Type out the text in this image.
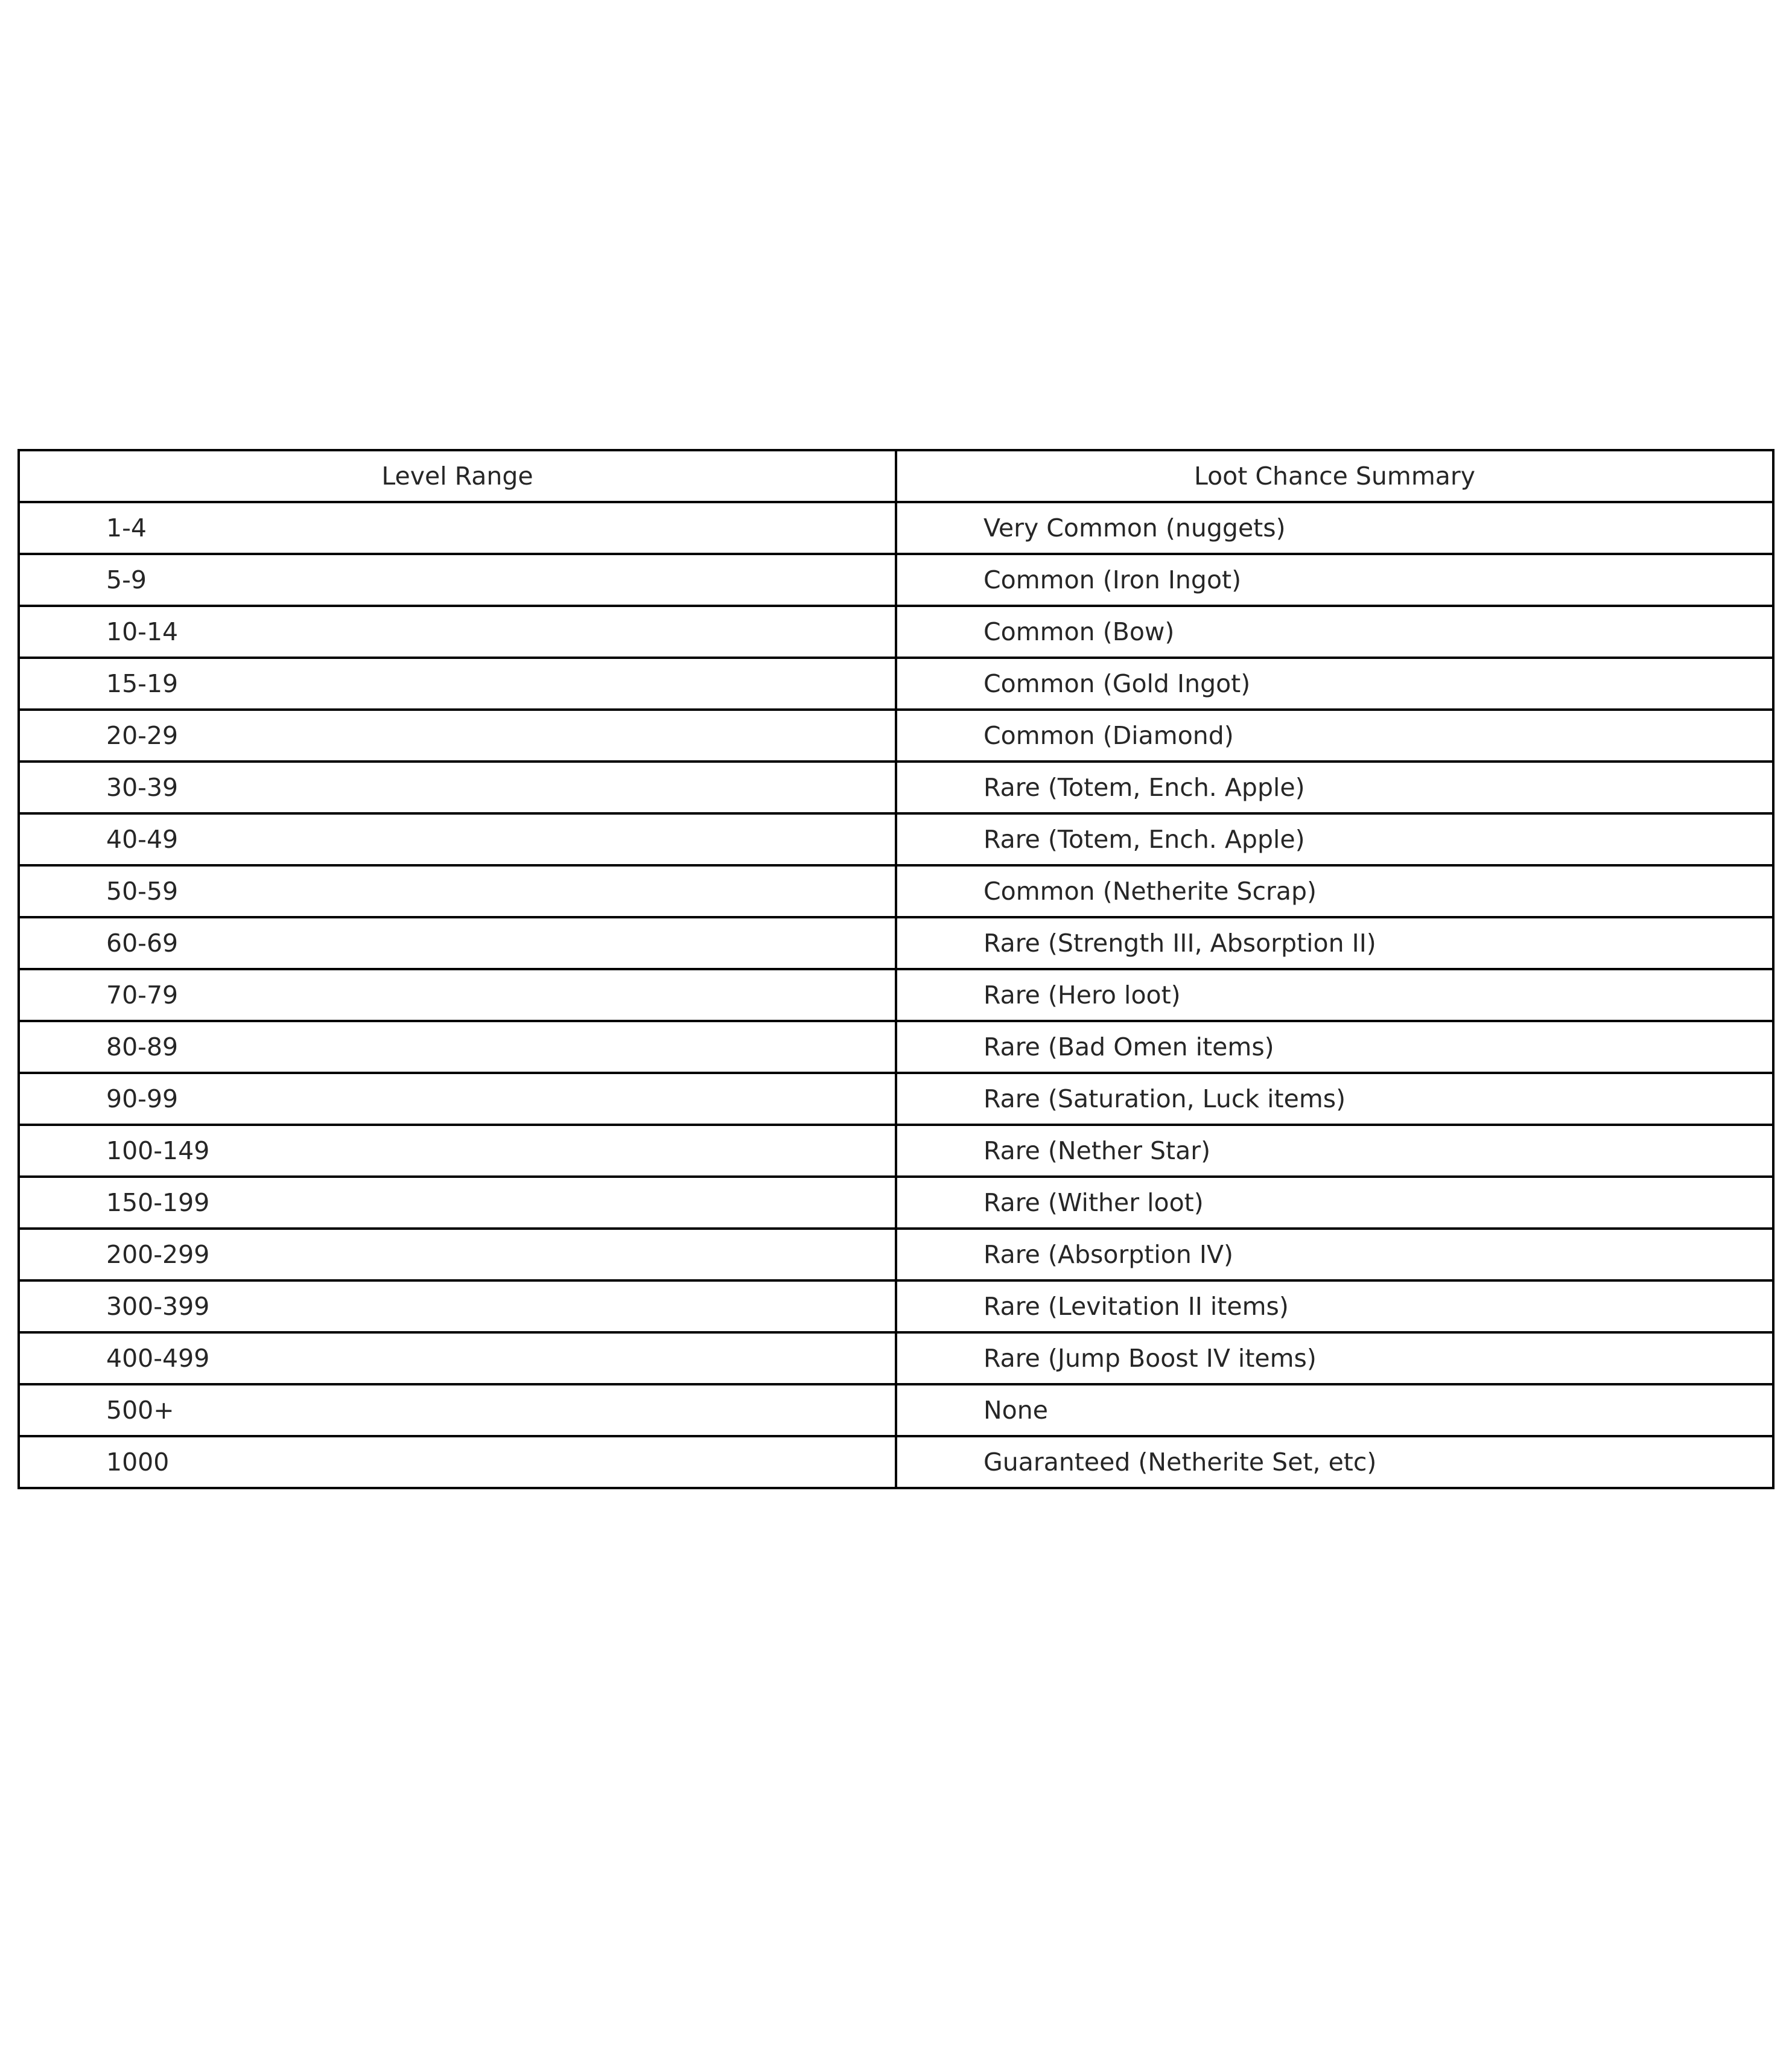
Level Range	Loot Chance Summary
1-4	Very Common (nuggets)
5-9	Common (Iron Ingot)
10-14	Common (Bow)
15-19	Common (Gold Ingot)
20-29	Common (Diamond)
30-39	Rare (Totem, Ench. Apple)
40-49	Rare (Totem, Ench. Apple)
50-59	Common (Netherite Scrap)
60-69	Rare (Strength III, Absorption II)
70-79	Rare (Hero loot)
80-89	Rare (Bad Omen items)
90-99	Rare (Saturation, Luck items)
100-149	Rare (Nether Star)
150-199	Rare (Wither loot)
200-299	Rare (Absorption IV)
300-399	Rare (Levitation II items)
400-499	Rare (Jump Boost IV items)
500+	None
1000	Guaranteed (Netherite Set, etc)
